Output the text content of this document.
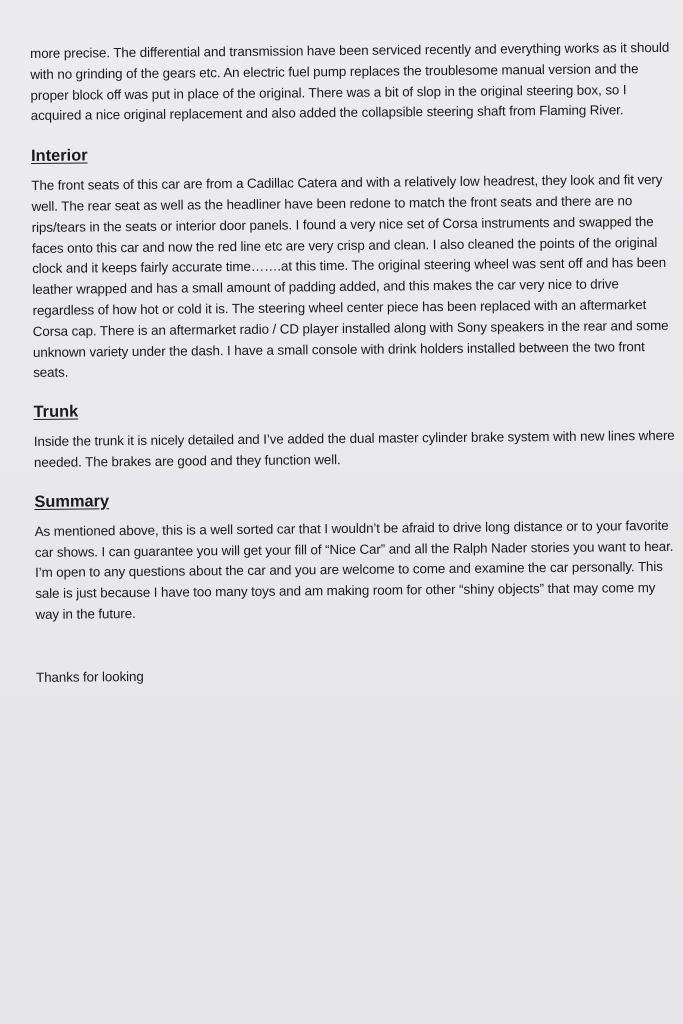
more precise. The differential and transmission have been serviced recently and everything works as it should with no grinding of the gears etc. An electric fuel pump replaces the troublesome manual version and the proper block off was put in place of the original. There was a bit of slop in the original steering box, so I acquired a nice original replacement and also added the collapsible steering shaft from Flaming River.

Interior

The front seats of this car are from a Cadillac Catera and with a relatively low headrest, they look and fit very well. The rear seat as well as the headliner have been redone to match the front seats and there are no rips/tears in the seats or interior door panels. I found a very nice set of Corsa instruments and swapped the faces onto this car and now the red line etc are very crisp and clean. I also cleaned the points of the original clock and it keeps fairly accurate time…….at this time. The original steering wheel was sent off and has been leather wrapped and has a small amount of padding added, and this makes the car very nice to drive regardless of how hot or cold it is. The steering wheel center piece has been replaced with an aftermarket Corsa cap. There is an aftermarket radio / CD player installed along with Sony speakers in the rear and some unknown variety under the dash. I have a small console with drink holders installed between the two front seats.

Trunk

Inside the trunk it is nicely detailed and I’ve added the dual master cylinder brake system with new lines where needed. The brakes are good and they function well.

Summary

As mentioned above, this is a well sorted car that I wouldn’t be afraid to drive long distance or to your favorite car shows. I can guarantee you will get your fill of “Nice Car” and all the Ralph Nader stories you want to hear. I’m open to any questions about the car and you are welcome to come and examine the car personally. This sale is just because I have too many toys and am making room for other “shiny objects” that may come my way in the future.

Thanks for looking
